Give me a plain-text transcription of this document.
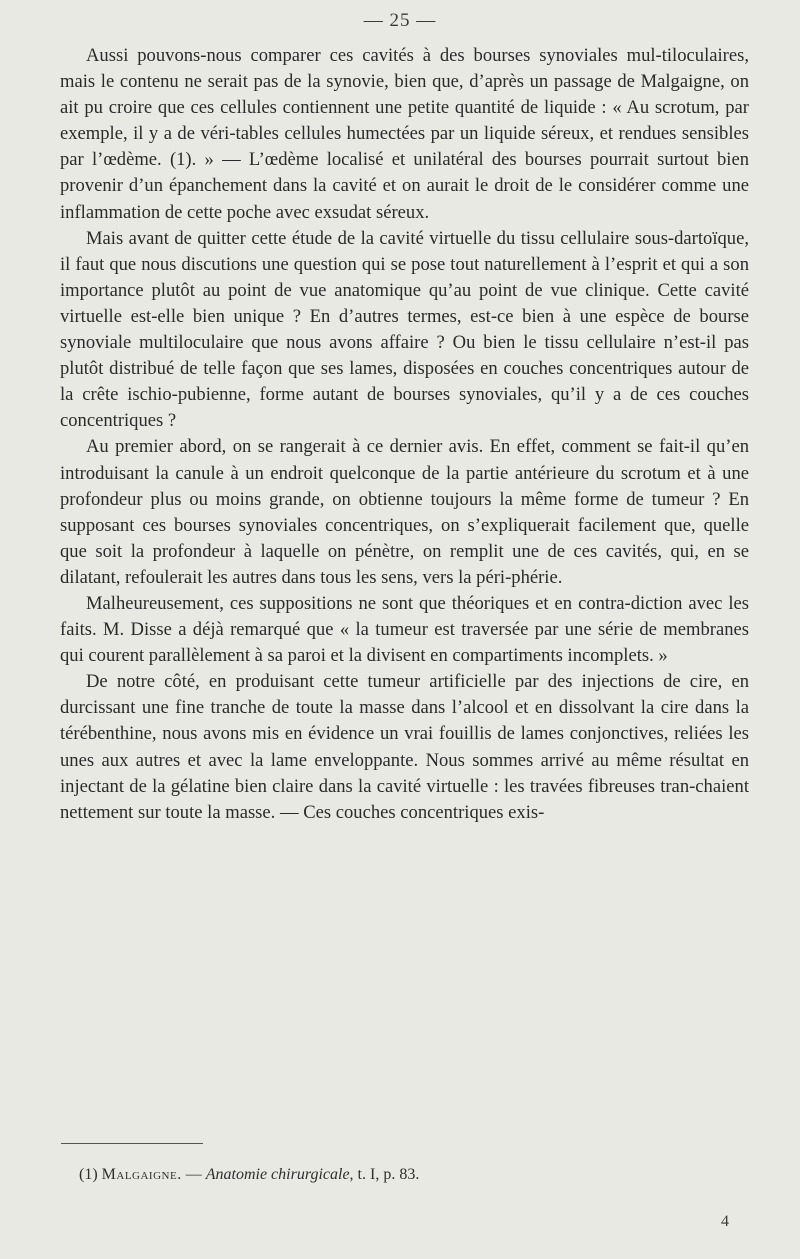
— 25 —

Aussi pouvons-nous comparer ces cavités à des bourses synoviales mul-tiloculaires, mais le contenu ne serait pas de la synovie, bien que, d’après un passage de Malgaigne, on ait pu croire que ces cellules contiennent une petite quantité de liquide : « Au scrotum, par exemple, il y a de véri-tables cellules humectées par un liquide séreux, et rendues sensibles par l’œdème. (1). » — L’œdème localisé et unilatéral des bourses pourrait surtout bien provenir d’un épanchement dans la cavité et on aurait le droit de le considérer comme une inflammation de cette poche avec exsudat séreux.

Mais avant de quitter cette étude de la cavité virtuelle du tissu cellulaire sous-dartoïque, il faut que nous discutions une question qui se pose tout naturellement à l’esprit et qui a son importance plutôt au point de vue anatomique qu’au point de vue clinique. Cette cavité virtuelle est-elle bien unique ? En d’autres termes, est-ce bien à une espèce de bourse synoviale multiloculaire que nous avons affaire ? Ou bien le tissu cellulaire n’est-il pas plutôt distribué de telle façon que ses lames, disposées en couches concentriques autour de la crête ischio-pubienne, forme autant de bourses synoviales, qu’il y a de ces couches concentriques ?

Au premier abord, on se rangerait à ce dernier avis. En effet, comment se fait-il qu’en introduisant la canule à un endroit quelconque de la partie antérieure du scrotum et à une profondeur plus ou moins grande, on obtienne toujours la même forme de tumeur ? En supposant ces bourses synoviales concentriques, on s’expliquerait facilement que, quelle que soit la profondeur à laquelle on pénètre, on remplit une de ces cavités, qui, en se dilatant, refoulerait les autres dans tous les sens, vers la péri-phérie.

Malheureusement, ces suppositions ne sont que théoriques et en contra-diction avec les faits. M. Disse a déjà remarqué que « la tumeur est traversée par une série de membranes qui courent parallèlement à sa paroi et la divisent en compartiments incomplets. »

De notre côté, en produisant cette tumeur artificielle par des injections de cire, en durcissant une fine tranche de toute la masse dans l’alcool et en dissolvant la cire dans la térébenthine, nous avons mis en évidence un vrai fouillis de lames conjonctives, reliées les unes aux autres et avec la lame enveloppante. Nous sommes arrivé au même résultat en injectant de la gélatine bien claire dans la cavité virtuelle : les travées fibreuses tran-chaient nettement sur toute la masse. — Ces couches concentriques exis-

(1) Malgaigne. — Anatomie chirurgicale, t. I, p. 83.
4
